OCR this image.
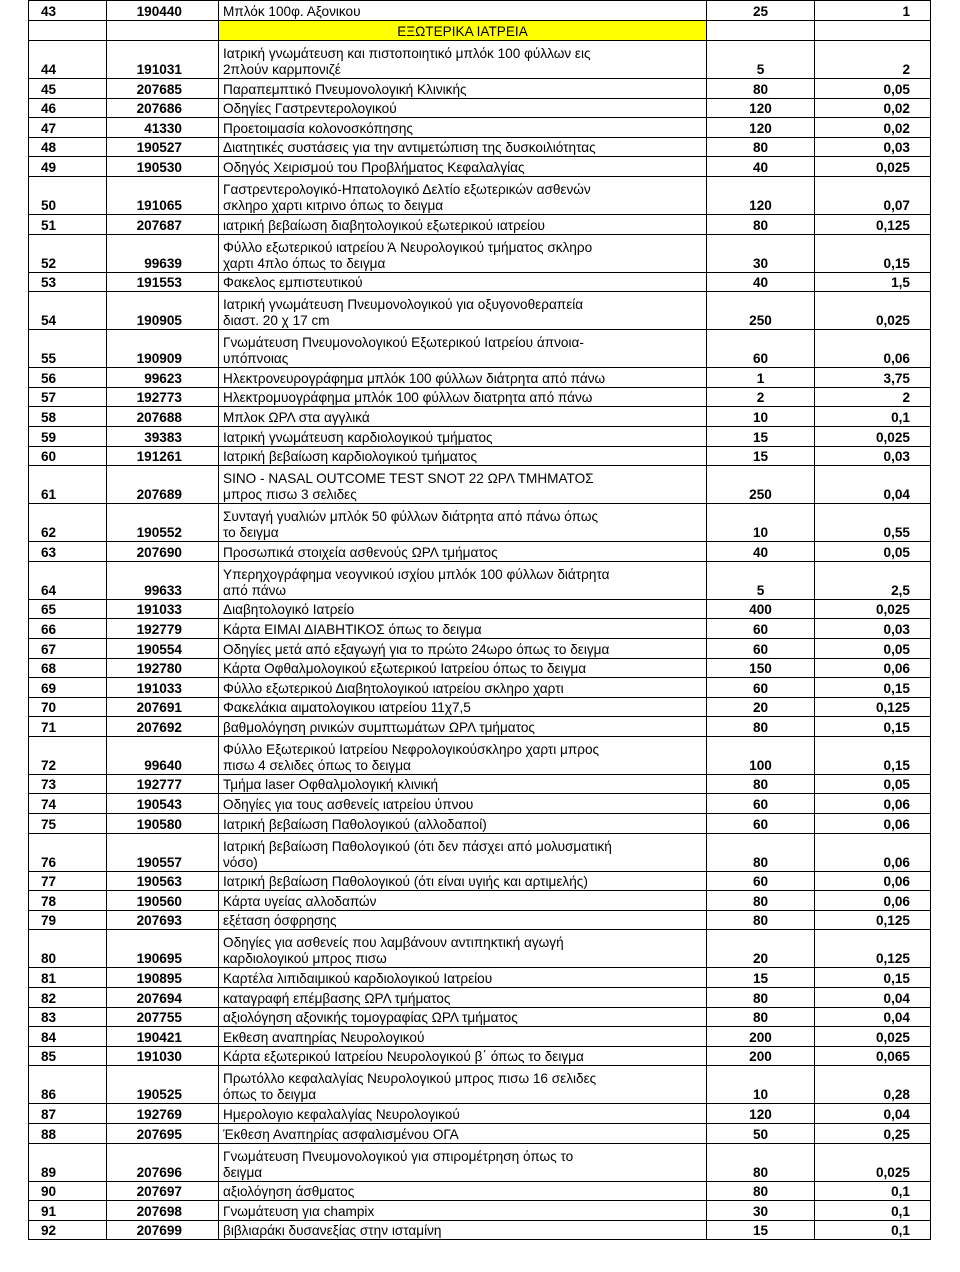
43	190440	Μπλόκ 100φ. Αξονικου	25	1
		ΕΞΩΤΕΡΙΚΑ ΙΑΤΡΕΙΑ		
44	191031	Ιατρική γνωμάτευση και πιστοποιητικό μπλόκ 100 φύλλων εις
2πλούν καρμπονιζέ	5	2
45	207685	Παραπεμπτικό Πνευμονολογική Κλινικής	80	0,05
46	207686	Οδηγίες Γαστρεντερολογικού	120	0,02
47	41330	Προετοιμασία κολονοσκόπησης	120	0,02
48	190527	Διατητικές συστάσεις για την αντιμετώπιση της δυσκοιλιότητας	80	0,03
49	190530	Οδηγός Χειρισμού του Προβλήματος Κεφαλαλγίας	40	0,025
50	191065	Γαστρεντερολογικό-Ηπατολογικό Δελτίο εξωτερικών ασθενών
σκληρο χαρτι κιτρινο όπως το δειγμα	120	0,07
51	207687	ιατρική βεβαίωση διαβητολογικού εξωτερικού ιατρείου	80	0,125
52	99639	Φύλλο εξωτερικού ιατρείου Ά Νευρολογικού τμήματος σκληρο
χαρτι 4πλο όπως το δειγμα	30	0,15
53	191553	Φακελος εμπιστευτικού	40	1,5
54	190905	Ιατρική γνωμάτευση Πνευμονολογικού για οξυγονοθεραπεία
διαστ. 20 χ 17 cm	250	0,025
55	190909	Γνωμάτευση Πνευμονολογικού Εξωτερικού Ιατρείου άπνοια-
υπόπνοιας	60	0,06
56	99623	Ηλεκτρονευρογράφημα μπλόκ 100 φύλλων διάτρητα από πάνω	1	3,75
57	192773	Ηλεκτρομυογράφημα μπλόκ 100 φύλλων διατρητα από πάνω	2	2
58	207688	Μπλοκ ΩΡΛ στα αγγλικά	10	0,1
59	39383	Ιατρική γνωμάτευση καρδιολογικού τμήματος	15	0,025
60	191261	Ιατρική βεβαίωση καρδιολογικού τμήματος	15	0,03
61	207689	SINO - NASAL OUTCOME TEST SNOT 22 ΩΡΛ ΤΜΗΜΑΤΟΣ
μπρος πισω 3 σελιδες	250	0,04
62	190552	Συνταγή γυαλιών μπλόκ 50 φύλλων διάτρητα από πάνω όπως
το δειγμα	10	0,55
63	207690	Προσωπικά στοιχεία ασθενούς ΩΡΛ τμήματος	40	0,05
64	99633	Υπερηχογράφημα νεογνικού ισχίου μπλόκ 100 φύλλων διάτρητα
από πάνω	5	2,5
65	191033	Διαβητολογικό Ιατρείο	400	0,025
66	192779	Κάρτα ΕΙΜΑΙ ΔΙΑΒΗΤΙΚΟΣ όπως το δειγμα	60	0,03
67	190554	Οδηγίες μετά από εξαγωγή για το πρώτο 24ωρο όπως το δειγμα	60	0,05
68	192780	Κάρτα Οφθαλμολογικού εξωτερικού Ιατρείου όπως το δειγμα	150	0,06
69	191033	Φύλλο εξωτερικού Διαβητολογικού ιατρείου σκληρο χαρτι	60	0,15
70	207691	Φακελάκια αιματολογικου ιατρείου 11χ7,5	20	0,125
71	207692	βαθμολόγηση ρινικών συμπτωμάτων ΩΡΛ τμήματος	80	0,15
72	99640	Φύλλο Εξωτερικού Ιατρείου Νεφρολογικούσκληρο χαρτι μπρος
πισω 4 σελιδες όπως το δειγμα	100	0,15
73	192777	Τμήμα laser Οφθαλμολογική κλινική	80	0,05
74	190543	Οδηγίες για τους ασθενείς ιατρείου ύπνου	60	0,06
75	190580	Ιατρική βεβαίωση Παθολογικού (αλλοδαποί)	60	0,06
76	190557	Ιατρική βεβαίωση Παθολογικού (ότι δεν πάσχει από μολυσματική
νόσο)	80	0,06
77	190563	Ιατρική βεβαίωση Παθολογικού (ότι είναι υγιής και αρτιμελής)	60	0,06
78	190560	Κάρτα υγείας αλλοδαπών	80	0,06
79	207693	εξέταση όσφρησης	80	0,125
80	190695	Οδηγίες για ασθενείς που λαμβάνουν αντιπηκτική αγωγή
καρδιολογικού μπρος πισω	20	0,125
81	190895	Καρτέλα λιπιδαιμικού καρδιολογικού Ιατρείου	15	0,15
82	207694	καταγραφή επέμβασης ΩΡΛ τμήματος	80	0,04
83	207755	αξιολόγηση αξονικής τομογραφίας ΩΡΛ τμήματος	80	0,04
84	190421	Εκθεση αναπηρίας Νευρολογικού	200	0,025
85	191030	Κάρτα εξωτερικού Ιατρείου Νευρολογικού β΄ όπως το δειγμα	200	0,065
86	190525	Πρωτόλλο κεφαλαλγίας Νευρολογικού μπρος πισω 16 σελιδες
όπως το δειγμα	10	0,28
87	192769	Ημερολογιο κεφαλαλγίας Νευρολογικού	120	0,04
88	207695	Έκθεση Αναπηρίας ασφαλισμένου ΟΓΑ	50	0,25
89	207696	Γνωμάτευση Πνευμονολογικού για σπιρομέτρηση όπως το
δειγμα	80	0,025
90	207697	αξιολόγηση άσθματος	80	0,1
91	207698	Γνωμάτευση για champix	30	0,1
92	207699	βιβλιαράκι δυσανεξίας στην ισταμίνη	15	0,1
